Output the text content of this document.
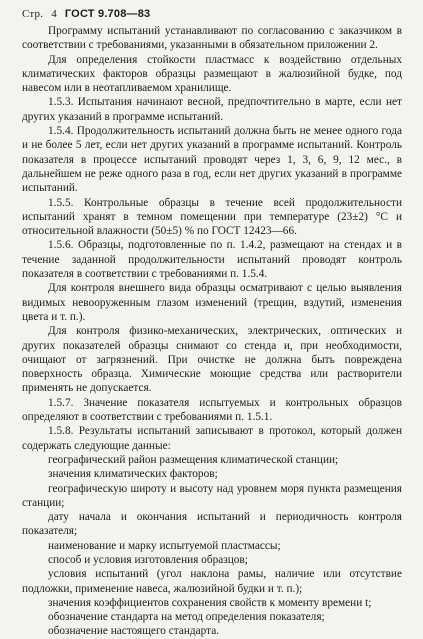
Стр. 4 ГОСТ 9.708—83

Программу испытаний устанавливают по согласованию с заказчиком в соответствии с требованиями, указанными в обязательном приложении 2.

Для определения стойкости пластмасс к воздействию отдельных климатических факторов образцы размещают в жалюзийной будке, под навесом или в неотапливаемом хранилище.

1.5.3. Испытания начинают весной, предпочтительно в марте, если нет других указаний в программе испытаний.

1.5.4. Продолжительность испытаний должна быть не менее одного года и не более 5 лет, если нет других указаний в программе испытаний. Контроль показателя в процессе испытаний проводят через 1, 3, 6, 9, 12 мес., в дальнейшем не реже одного раза в год, если нет других указаний в программе испытаний.

1.5.5. Контрольные образцы в течение всей продолжительности испытаний хранят в темном помещении при температуре (23±2) °С и относительной влажности (50±5) % по ГОСТ 12423—66.

1.5.6. Образцы, подготовленные по п. 1.4.2, размещают на стендах и в течение заданной продолжительности испытаний проводят контроль показателя в соответствии с требованиями п. 1.5.4.

Для контроля внешнего вида образцы осматривают с целью выявления видимых невооруженным глазом изменений (трещин, вздутий, изменения цвета и т. п.).

Для контроля физико-механических, электрических, оптических и других показателей образцы снимают со стенда и, при необходимости, очищают от загрязнений. При очистке не должна быть повреждена поверхность образца. Химические моющие средства или растворители применять не допускается.

1.5.7. Значение показателя испытуемых и контрольных образцов определяют в соответствии с требованиями п. 1.5.1.

1.5.8. Результаты испытаний записывают в протокол, который должен содержать следующие данные:

географический район размещения климатической станции;

значения климатических факторов;

географическую широту и высоту над уровнем моря пункта размещения станции;

дату начала и окончания испытаний и периодичность контроля показателя;

наименование и марку испытуемой пластмассы;

способ и условия изготовления образцов;

условия испытаний (угол наклона рамы, наличие или отсутствие подложки, применение навеса, жалюзийной будки и т. п.);

значения коэффициентов сохранения свойств к моменту времени t;

обозначение стандарта на метод определения показателя;

обозначение настоящего стандарта.
